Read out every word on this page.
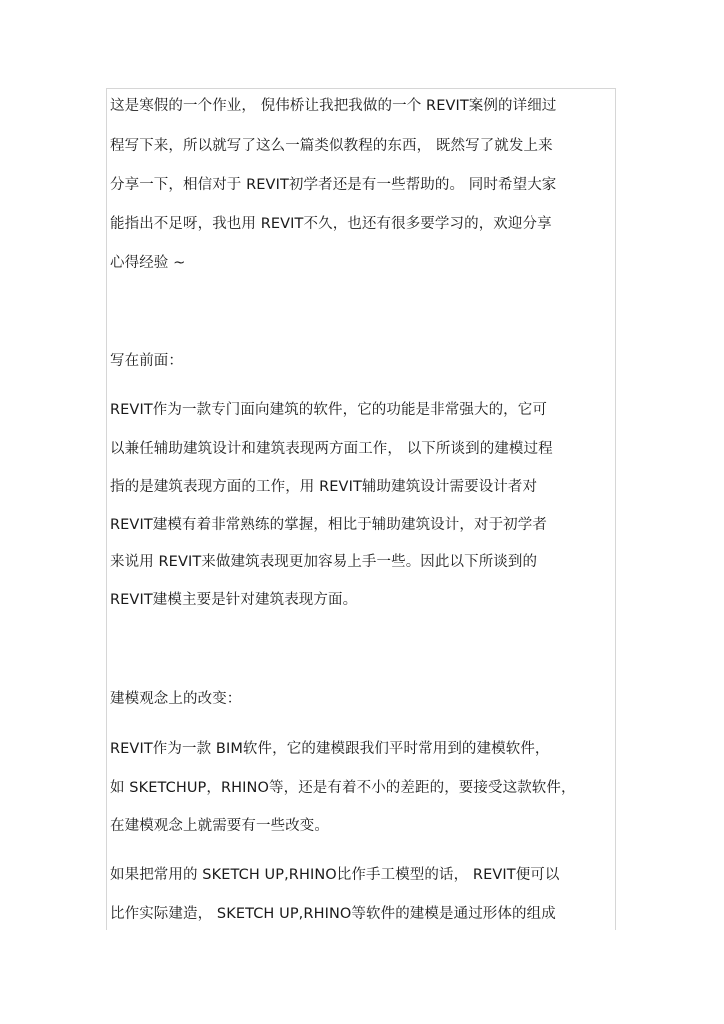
这是寒假的一个作业， 倪伟桥让我把我做的一个 REVIT案例的详细过
程写下来，所以就写了这么一篇类似教程的东西， 既然写了就发上来
分享一下，相信对于 REVIT初学者还是有一些帮助的。 同时希望大家
能指出不足呀，我也用 REVIT不久，也还有很多要学习的，欢迎分享
心得经验 ~
写在前面：
REVIT作为一款专门面向建筑的软件，它的功能是非常强大的，它可
以兼任辅助建筑设计和建筑表现两方面工作， 以下所谈到的建模过程
指的是建筑表现方面的工作，用 REVIT辅助建筑设计需要设计者对
REVIT建模有着非常熟练的掌握，相比于辅助建筑设计，对于初学者
来说用 REVIT来做建筑表现更加容易上手一些。因此以下所谈到的
REVIT建模主要是针对建筑表现方面。
建模观念上的改变：
REVIT作为一款 BIM软件，它的建模跟我们平时常用到的建模软件，
如 SKETCHUP，RHINO等，还是有着不小的差距的，要接受这款软件，
在建模观念上就需要有一些改变。
如果把常用的 SKETCH UP,RHINO比作手工模型的话， REVIT便可以
比作实际建造， SKETCH UP,RHINO等软件的建模是通过形体的组成
